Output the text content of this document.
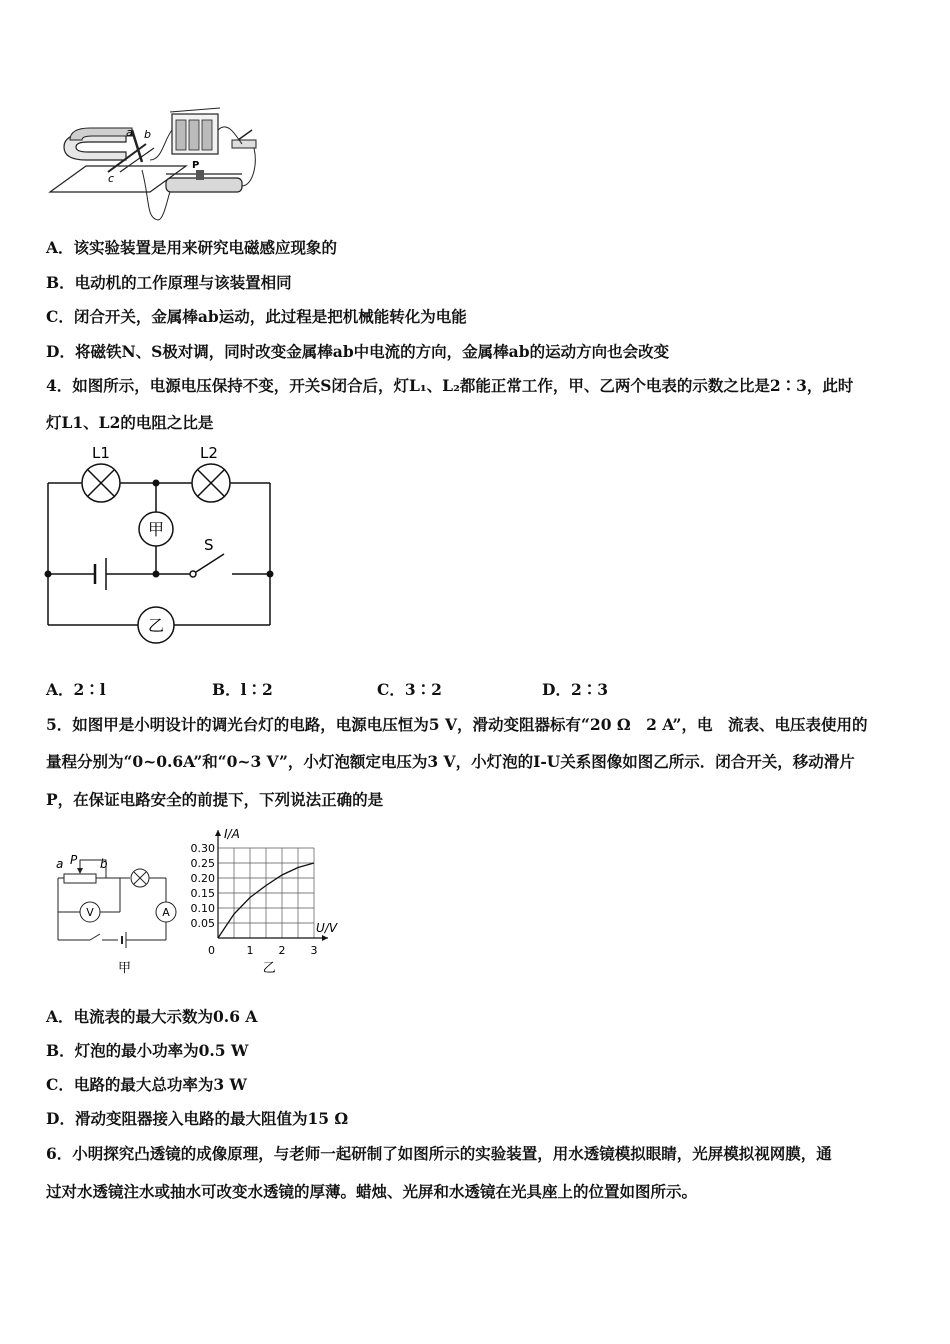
a b
c
P
A．该实验装置是用来研究电磁感应现象的
B．电动机的工作原理与该装置相同
C．闭合开关，金属棒ab运动，此过程是把机械能转化为电能
D．将磁铁N、S极对调，同时改变金属棒ab中电流的方向，金属棒ab的运动方向也会改变
4．如图所示，电源电压保持不变，开关S闭合后，灯L₁、L₂都能正常工作，甲、乙两个电表的示数之比是2∶3，此时
灯L1、L2的电阻之比是
L1	L2
甲
S
乙
A．2∶l	B．l∶2	C．3∶2	D．2∶3
5．如图甲是小明设计的调光台灯的电路，电源电压恒为5 V，滑动变阻器标有“20 Ω　2 A”，电　流表、电压表使用的
量程分别为“0~0.6A”和“0~3 V”，小灯泡额定电压为3 V，小灯泡的I-U关系图像如图乙所示．闭合开关，移动滑片
P，在保证电路安全的前提下，下列说法正确的是
a P b
A
V
甲
0.05
0.10
0.15
0.20
0.25
0.30
1 2 3
I/A
U/V
0
乙
A．电流表的最大示数为0.6 A
B．灯泡的最小功率为0.5 W
C．电路的最大总功率为3 W
D．滑动变阻器接入电路的最大阻值为15 Ω
6．小明探究凸透镜的成像原理，与老师一起研制了如图所示的实验装置，用水透镜模拟眼睛，光屏模拟视网膜，通
过对水透镜注水或抽水可改变水透镜的厚薄。蜡烛、光屏和水透镜在光具座上的位置如图所示。
